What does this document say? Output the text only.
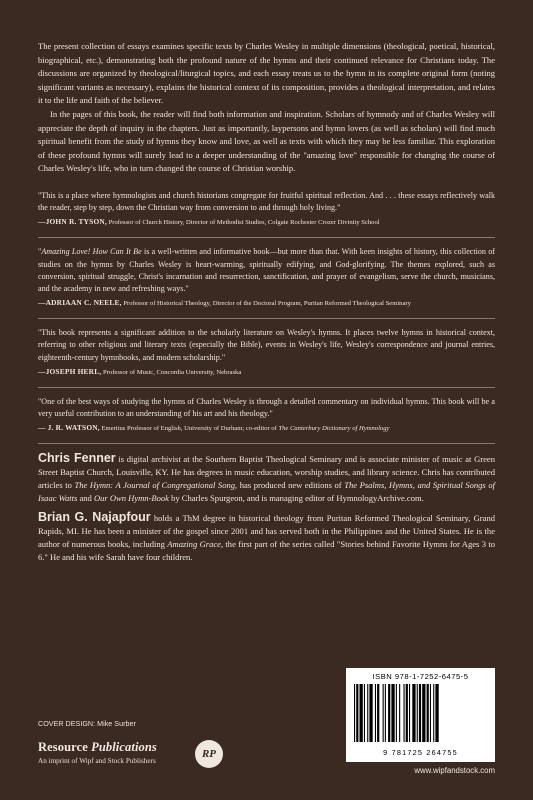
The present collection of essays examines specific texts by Charles Wesley in multiple dimensions (theological, poetical, historical, biographical, etc.), demonstrating both the profound nature of the hymns and their continued relevance for Christians today. The discussions are organized by theological/liturgical topics, and each essay treats us to the hymn in its complete original form (noting significant variants as necessary), explains the historical context of its composition, provides a theological interpretation, and relates it to the life and faith of the believer.

In the pages of this book, the reader will find both information and inspiration. Scholars of hymnody and of Charles Wesley will appreciate the depth of inquiry in the chapters. Just as importantly, laypersons and hymn lovers (as well as scholars) will find much spiritual benefit from the study of hymns they know and love, as well as texts with which they may be less familiar. This exploration of these profound hymns will surely lead to a deeper understanding of the "amazing love" responsible for changing the course of Charles Wesley's life, who in turn changed the course of Christian worship.

"This is a place where hymnologists and church historians congregate for fruitful spiritual reflection. And . . . these essays reflectively walk the reader, step by step, down the Christian way from conversion to and through holy living."

—JOHN R. TYSON, Professor of Church History, Director of Methodist Studies, Colgate Rochester Crozer Divinity School

"Amazing Love! How Can It Be is a well-written and informative book—but more than that. With keen insights of history, this collection of studies on the hymns by Charles Wesley is heart-warming, spiritually edifying, and God-glorifying. The themes explored, such as conversion, spiritual struggle, Christ's incarnation and resurrection, sanctification, and prayer of evangelism, serve the church, musicians, and the academy in new and refreshing ways."

—ADRIAAN C. NEELE, Professor of Historical Theology, Director of the Doctoral Program, Puritan Reformed Theological Seminary

"This book represents a significant addition to the scholarly literature on Wesley's hymns. It places twelve hymns in historical context, referring to other religious and literary texts (especially the Bible), events in Wesley's life, Wesley's correspondence and journal entries, eighteenth-century hymnbooks, and modern scholarship."

—JOSEPH HERL, Professor of Music, Concordia University, Nebraska

"One of the best ways of studying the hymns of Charles Wesley is through a detailed commentary on individual hymns. This book will be a very useful contribution to an understanding of his art and his theology."

— J. R. WATSON, Emeritus Professor of English, University of Durham; co-editor of The Canterbury Dictionary of Hymnology

Chris Fenner is digital archivist at the Southern Baptist Theological Seminary and is associate minister of music at Green Street Baptist Church, Louisville, KY. He has degrees in music education, worship studies, and library science. Chris has contributed articles to The Hymn: A Journal of Congregational Song, has produced new editions of The Psalms, Hymns, and Spiritual Songs of Isaac Watts and Our Own Hymn-Book by Charles Spurgeon, and is managing editor of HymnologyArchive.com.

Brian G. Najapfour holds a ThM degree in historical theology from Puritan Reformed Theological Seminary, Grand Rapids, MI. He has been a minister of the gospel since 2001 and has served both in the Philippines and the United States. He is the author of numerous books, including Amazing Grace, the first part of the series called "Stories behind Favorite Hymns for Ages 3 to 6." He and his wife Sarah have four children.

COVER DESIGN: Mike Surber
Resource Publications
An imprint of Wipf and Stock Publishers
RP
ISBN 978-1-7252-6475-5
9 781725 264755
www.wipfandstock.com
